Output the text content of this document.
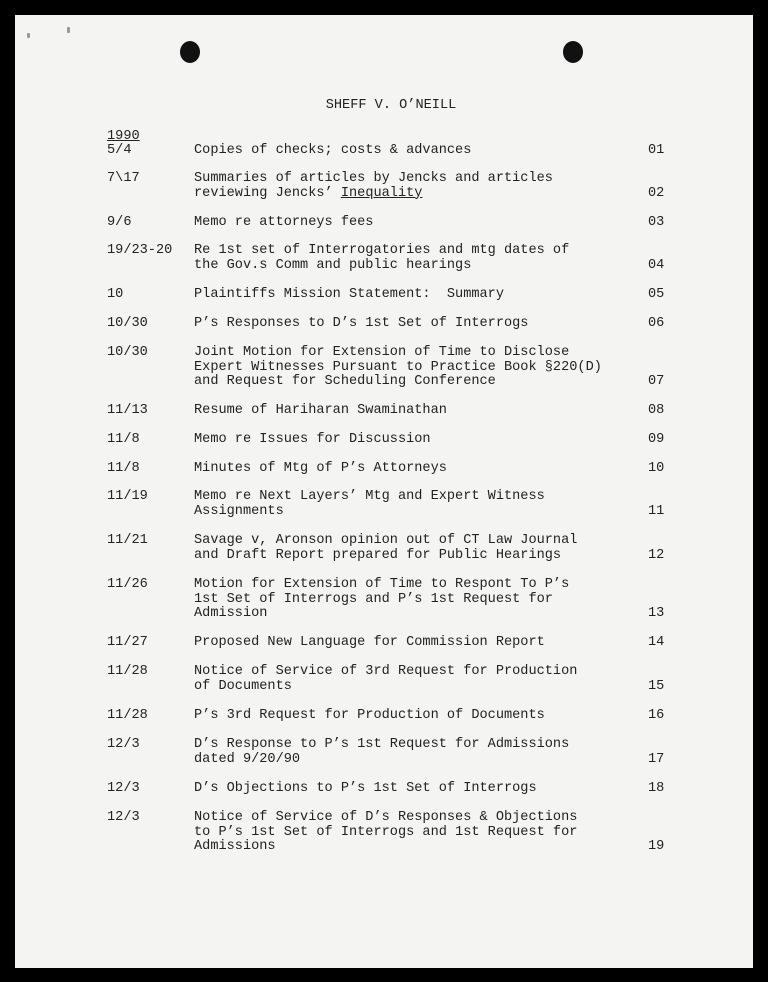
SHEFF V. O’NEILL
1990
5/4	Copies of checks; costs & advances	01
7\17	Summaries of articles by Jencks and articles
reviewing Jencks’ Inequality	02
9/6	Memo re attorneys fees	03
19/23-20 Re 1st set of Interrogatories and mtg dates of
the Gov.s Comm and public hearings	04
10	Plaintiffs Mission Statement:  Summary	05
10/30	P’s Responses to D’s 1st Set of Interrogs	06
10/30	Joint Motion for Extension of Time to Disclose
Expert Witnesses Pursuant to Practice Book §220(D)
and Request for Scheduling Conference	07
11/13	Resume of Hariharan Swaminathan	08
11/8	Memo re Issues for Discussion	09
11/8	Minutes of Mtg of P’s Attorneys	10
11/19	Memo re Next Layers’ Mtg and Expert Witness
Assignments	11
11/21	Savage v, Aronson opinion out of CT Law Journal
and Draft Report prepared for Public Hearings	12
11/26	Motion for Extension of Time to Respont To P’s
1st Set of Interrogs and P’s 1st Request for
Admission	13
11/27	Proposed New Language for Commission Report	14
11/28	Notice of Service of 3rd Request for Production
of Documents	15
11/28	P’s 3rd Request for Production of Documents	16
12/3	D’s Response to P’s 1st Request for Admissions
dated 9/20/90	17
12/3	D’s Objections to P’s 1st Set of Interrogs	18
12/3	Notice of Service of D’s Responses & Objections
to P’s 1st Set of Interrogs and 1st Request for
Admissions	19
